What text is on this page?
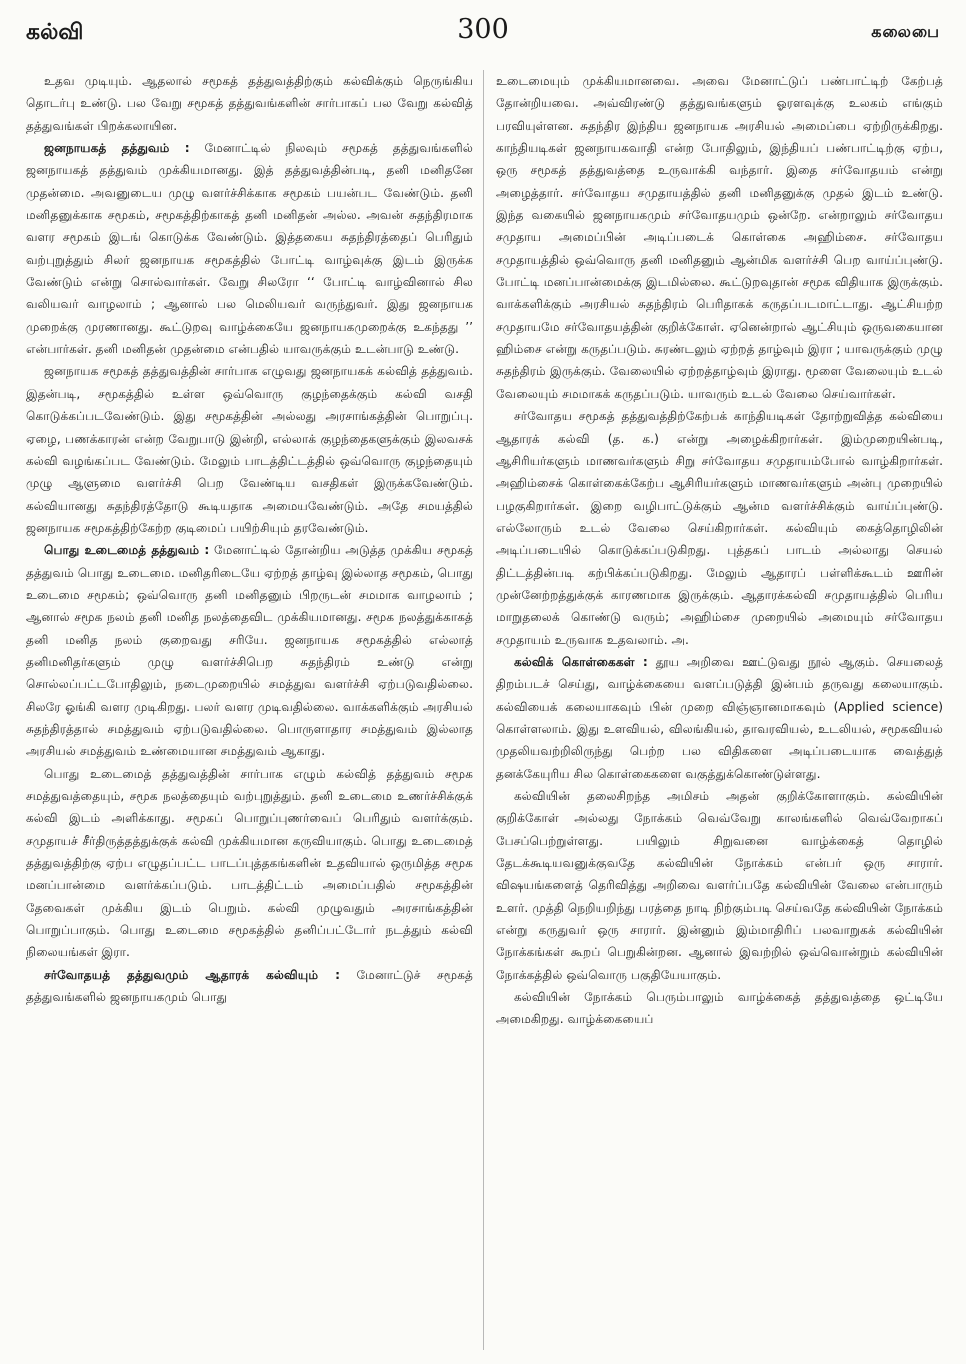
கல்வி	300	கலைபை

உதவ முடியும். ஆதலால் சமூகத் தத்துவத்திற்கும் கல்விக்கும் நெருங்கிய தொடர்பு உண்டு. பல வேறு சமூகத் தத்துவங்களின் சார்பாகப் பல வேறு கல்வித் தத்துவங்கள் பிறக்கலாயின.

ஜனநாயகத் தத்துவம் : மேனாட்டில் நிலவும் சமூகத் தத்துவங்களில் ஜனநாயகத் தத்துவம் முக்கியமானது. இத் தத்துவத்தின்படி, தனி மனிதனே முதன்மை. அவனுடைய முழு வளர்ச்சிக்காக சமூகம் பயன்பட வேண்டும். தனி மனிதனுக்காக சமூகம், சமூகத்திற்காகத் தனி மனிதன் அல்ல. அவன் சுதந்திரமாக வளர சமூகம் இடங் கொடுக்க வேண்டும். இத்தகைய சுதந்திரத்தைப் பெரிதும் வற்புறுத்தும் சிலர் ஜனநாயக சமூகத்தில் போட்டி வாழ்வுக்கு இடம் இருக்க வேண்டும் என்று சொல்வார்கள். வேறு சிலரோ ‘‘ போட்டி வாழ்வினால் சில வலியவர் வாழலாம் ; ஆனால் பல மெலியவர் வருந்துவர். இது ஜனநாயக முறைக்கு முரணானது. கூட்டுறவு வாழ்க்கையே ஜனநாயகமுறைக்கு உகந்தது ’’ என்பார்கள். தனி மனிதன் முதன்மை என்பதில் யாவருக்கும் உடன்பாடு உண்டு.

ஜனநாயக சமூகத் தத்துவத்தின் சார்பாக எழுவது ஜனநாயகக் கல்வித் தத்துவம். இதன்படி, சமூகத்தில் உள்ள ஒவ்வொரு குழந்தைக்கும் கல்வி வசதி கொடுக்கப்படவேண்டும். இது சமூகத்தின் அல்லது அரசாங்கத்தின் பொறுப்பு. ஏழை, பணக்காரன் என்ற வேறுபாடு இன்றி, எல்லாக் குழந்தைகளுக்கும் இலவசக் கல்வி வழங்கப்பட வேண்டும். மேலும் பாடத்திட்டத்தில் ஒவ்வொரு குழந்தையும் முழு ஆளுமை வளர்ச்சி பெற வேண்டிய வசதிகள் இருக்கவேண்டும். கல்வியானது சுதந்திரத்தோடு கூடியதாக அமையவேண்டும். அதே சமயத்தில் ஜனநாயக சமூகத்திற்கேற்ற குடிமைப் பயிற்சியும் தரவேண்டும்.

பொது உடைமைத் தத்துவம் : மேனாட்டில் தோன்றிய அடுத்த முக்கிய சமூகத் தத்துவம் பொது உடைமை. மனிதரிடையே ஏற்றத் தாழ்வு இல்லாத சமூகம், பொது உடைமை சமூகம்; ஒவ்வொரு தனி மனிதனும் பிறருடன் சமமாக வாழலாம் ; ஆனால் சமூக நலம் தனி மனித நலத்தைவிட முக்கியமானது. சமூக நலத்துக்காகத் தனி மனித நலம் குறைவது சரியே. ஜனநாயக சமூகத்தில் எல்லாத் தனிமனிதர்களும் முழு வளர்ச்சிபெற சுதந்திரம் உண்டு என்று சொல்லப்பட்டபோதிலும், நடைமுறையில் சமத்துவ வளர்ச்சி ஏற்படுவதில்லை. சிலரே ஓங்கி வளர முடிகிறது. பலர் வளர முடிவதில்லை. வாக்களிக்கும் அரசியல் சுதந்திரத்தால் சமத்துவம் ஏற்படுவதில்லை. பொருளாதார சமத்துவம் இல்லாத அரசியல் சமத்துவம் உண்மையான சமத்துவம் ஆகாது.

பொது உடைமைத் தத்துவத்தின் சார்பாக எழும் கல்வித் தத்துவம் சமூக சமத்துவத்தையும், சமூக நலத்தையும் வற்புறுத்தும். தனி உடைமை உணர்ச்சிக்குக் கல்வி இடம் அளிக்காது. சமூகப் பொறுப்புணர்வைப் பெரிதும் வளர்க்கும். சமுதாயச் சீர்திருத்தத்துக்குக் கல்வி முக்கியமான கருவியாகும். பொது உடைமைத் தத்துவத்திற்கு ஏற்ப எழுதப்பட்ட பாடப்புத்தகங்களின் உதவியால் ஒருமித்த சமூக மனப்பான்மை வளர்க்கப்படும். பாடத்திட்டம் அமைப்பதில் சமூகத்தின் தேவைகள் முக்கிய இடம் பெறும். கல்வி முழுவதும் அரசாங்கத்தின் பொறுப்பாகும். பொது உடைமை சமூகத்தில் தனிப்பட்டோர் நடத்தும் கல்வி நிலையங்கள் இரா.

சர்வோதயத் தத்துவமும் ஆதாரக் கல்வியும் : மேனாட்டுச் சமூகத் தத்துவங்களில் ஜனநாயகமும் பொது

உடைமையும் முக்கியமானவை. அவை மேனாட்டுப் பண்பாட்டிற் கேற்பத் தோன்றியவை. அவ்விரண்டு தத்துவங்களும் ஓரளவுக்கு உலகம் எங்கும் பரவியுள்ளன. சுதந்திர இந்திய ஜனநாயக அரசியல் அமைப்பை ஏற்றிருக்கிறது. காந்தியடிகள் ஜனநாயகவாதி என்ற போதிலும், இந்தியப் பண்பாட்டிற்கு ஏற்ப, ஒரு சமூகத் தத்துவத்தை உருவாக்கி வந்தார். இதை சர்வோதயம் என்று அழைத்தார். சர்வோதய சமுதாயத்தில் தனி மனிதனுக்கு முதல் இடம் உண்டு. இந்த வகையில் ஜனநாயகமும் சர்வோதயமும் ஒன்றே. என்றாலும் சர்வோதய சமுதாய அமைப்பின் அடிப்படைக் கொள்கை அஹிம்சை. சர்வோதய சமுதாயத்தில் ஒவ்வொரு தனி மனிதனும் ஆன்மிக வளர்ச்சி பெற வாய்ப்புண்டு. போட்டி மனப்பான்மைக்கு இடமில்லை. கூட்டுறவுதான் சமூக விதியாக இருக்கும். வாக்களிக்கும் அரசியல் சுதந்திரம் பெரிதாகக் கருதப்படமாட்டாது. ஆட்சியற்ற சமுதாயமே சர்வோதயத்தின் குறிக்கோள். ஏனென்றால் ஆட்சியும் ஒருவகையான ஹிம்சை என்று கருதப்படும். சுரண்டலும் ஏற்றத் தாழ்வும் இரா ; யாவருக்கும் முழு சுதந்திரம் இருக்கும். வேலையில் ஏற்றத்தாழ்வும் இராது. மூளை வேலையும் உடல் வேலையும் சமமாகக் கருதப்படும். யாவரும் உடல் வேலை செய்வார்கள்.

சர்வோதய சமூகத் தத்துவத்திற்கேற்பக் காந்தியடிகள் தோற்றுவித்த கல்வியை ஆதாரக் கல்வி (த. க.) என்று அழைக்கிறார்கள். இம்முறையின்படி, ஆசிரியர்களும் மாணவர்களும் சிறு சர்வோதய சமுதாயம்போல் வாழ்கிறார்கள். அஹிம்சைக் கொள்கைக்கேற்ப ஆசிரியர்களும் மாணவர்களும் அன்பு முறையில் பழகுகிறார்கள். இறை வழிபாட்டுக்கும் ஆன்ம வளர்ச்சிக்கும் வாய்ப்புண்டு. எல்லோரும் உடல் வேலை செய்கிறார்கள். கல்வியும் கைத்தொழிலின் அடிப்படையில் கொடுக்கப்படுகிறது. புத்தகப் பாடம் அல்லாது செயல் திட்டத்தின்படி கற்பிக்கப்படுகிறது. மேலும் ஆதாரப் பள்ளிக்கூடம் ஊரின் முன்னேற்றத்துக்குக் காரணமாக இருக்கும். ஆதாரக்கல்வி சமுதாயத்தில் பெரிய மாறுதலைக் கொண்டு வரும்; அஹிம்சை முறையில் அமையும் சர்வோதய சமுதாயம் உருவாக உதவலாம். அ.

கல்விக் கொள்கைகள் : தூய அறிவை ஊட்டுவது நூல் ஆகும். செயலைத் திறம்படச் செய்து, வாழ்க்கையை வளப்படுத்தி இன்பம் தருவது கலையாகும். கல்வியைக் கலையாகவும் பின் முறை விஞ்ஞானமாகவும் (Applied science) கொள்ளலாம். இது உளவியல், விலங்கியல், தாவரவியல், உடலியல், சமூகவியல் முதலியவற்றிலிருந்து பெற்ற பல விதிகளை அடிப்படையாக வைத்துத் தனக்கேயுரிய சில கொள்கைகளை வகுத்துக்கொண்டுள்ளது.

கல்வியின் தலைசிறந்த அமிசம் அதன் குறிக்கோளாகும். கல்வியின் குறிக்கோள் அல்லது நோக்கம் வெவ்வேறு காலங்களில் வெவ்வேறாகப் பேசப்பெற்றுள்ளது. பயிலும் சிறுவனை வாழ்க்கைத் தொழில் தேடக்கூடியவனுக்குவதே கல்வியின் நோக்கம் என்பர் ஒரு சாரார். விஷயங்களைத் தெரிவித்து அறிவை வளர்ப்பதே கல்வியின் வேலை என்பாரும் உளர். முத்தி நெறியறிந்து பரத்தை நாடி நிற்கும்படி செய்வதே கல்வியின் நோக்கம் என்று கருதுவர் ஒரு சாரார். இன்னும் இம்மாதிரிப் பலவாறுகக் கல்வியின் நோக்கங்கள் கூறப் பெறுகின்றன. ஆனால் இவற்றில் ஒவ்வொன்றும் கல்வியின் நோக்கத்தில் ஒவ்வொரு பகுதியேயாகும்.

கல்வியின் நோக்கம் பெரும்பாலும் வாழ்க்கைத் தத்துவத்தை ஒட்டியே அமைகிறது. வாழ்க்கையைப்
